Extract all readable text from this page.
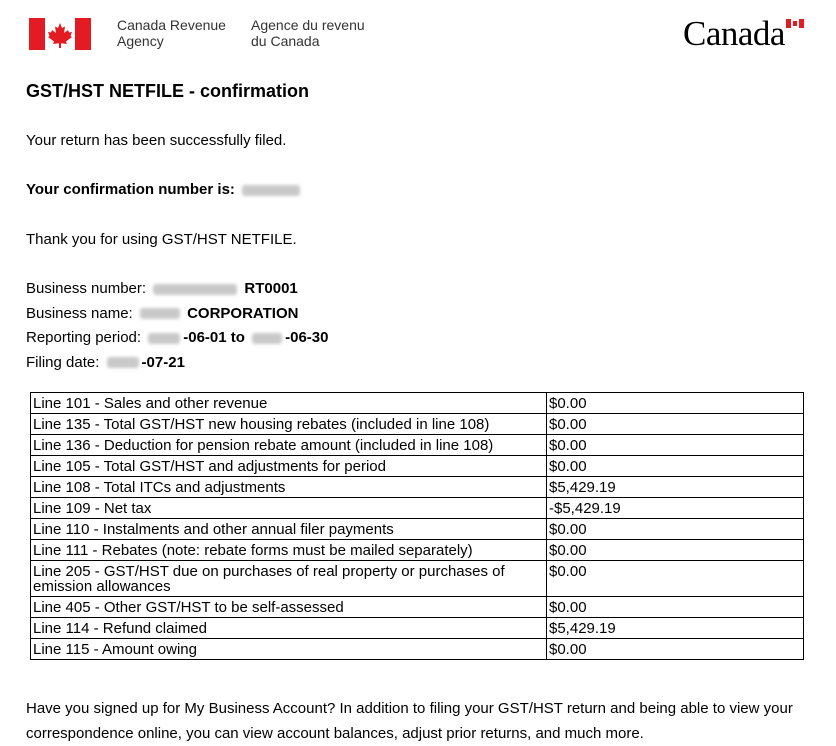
Canada Revenue
Agency
Agence du revenu
du Canada	Canada
GST/HST NETFILE - confirmation

Your return has been successfully filed.

Your confirmation number is:

Thank you for using GST/HST NETFILE.

Business number:	RT0001
Business name:	CORPORATION
Reporting period:	-06-01 to	-06-30
Filing date:	-07-21
Line 101 - Sales and other revenue	$0.00
Line 135 - Total GST/HST new housing rebates (included in line 108)	$0.00
Line 136 - Deduction for pension rebate amount (included in line 108)	$0.00
Line 105 - Total GST/HST and adjustments for period	$0.00
Line 108 - Total ITCs and adjustments	$5,429.19
Line 109 - Net tax	-$5,429.19
Line 110 - Instalments and other annual filer payments	$0.00
Line 111 - Rebates (note: rebate forms must be mailed separately)	$0.00
Line 205 - GST/HST due on purchases of real property or purchases of emission allowances	$0.00
Line 405 - Other GST/HST to be self-assessed	$0.00
Line 114 - Refund claimed	$5,429.19
Line 115 - Amount owing	$0.00

Have you signed up for My Business Account? In addition to filing your GST/HST return and being able to view your correspondence online, you can view account balances, adjust prior returns, and much more.
